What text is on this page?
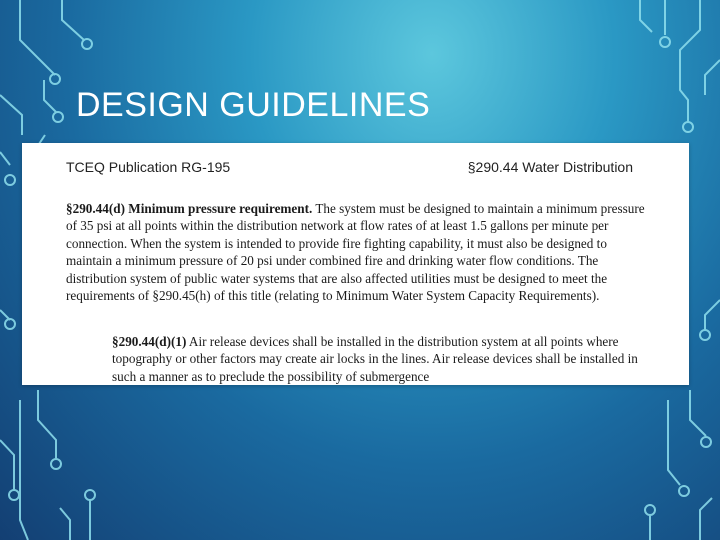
DESIGN GUIDELINES
TCEQ Publication RG-195	§290.44 Water Distribution
§290.44(d) Minimum pressure requirement. The system must be designed to maintain a minimum pressure of 35 psi at all points within the distribution network at flow rates of at least 1.5 gallons per minute per connection. When the system is intended to provide fire fighting capability, it must also be designed to maintain a minimum pressure of 20 psi under combined fire and drinking water flow conditions. The distribution system of public water systems that are also affected utilities must be designed to meet the requirements of §290.45(h) of this title (relating to Minimum Water System Capacity Requirements).
§290.44(d)(1) Air release devices shall be installed in the distribution system at all points where topography or other factors may create air locks in the lines. Air release devices shall be installed in such a manner as to preclude the possibility of submergence
